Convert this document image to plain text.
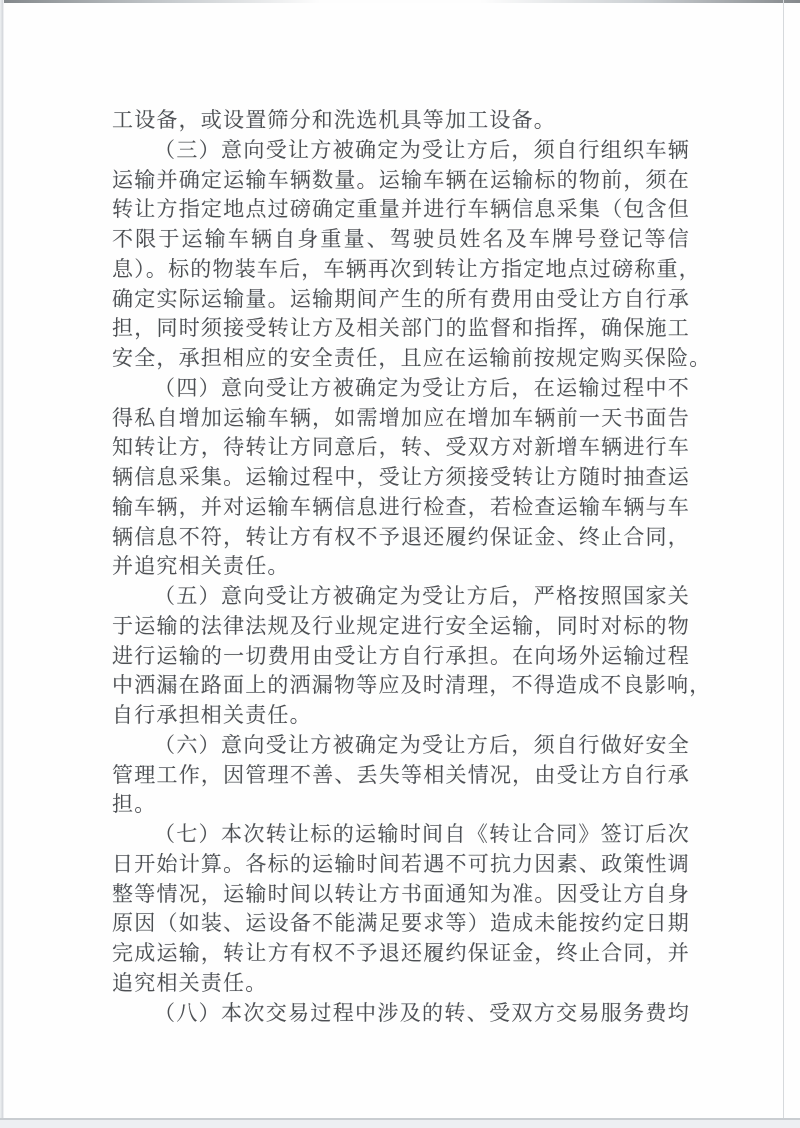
工设备，或设置筛分和洗选机具等加工设备。
（三）意向受让方被确定为受让方后，须自行组织车辆
运输并确定运输车辆数量。运输车辆在运输标的物前，须在
转让方指定地点过磅确定重量并进行车辆信息采集（包含但
不限于运输车辆自身重量、驾驶员姓名及车牌号登记等信
息）。标的物装车后，车辆再次到转让方指定地点过磅称重，
确定实际运输量。运输期间产生的所有费用由受让方自行承
担，同时须接受转让方及相关部门的监督和指挥，确保施工
安全，承担相应的安全责任，且应在运输前按规定购买保险。
（四）意向受让方被确定为受让方后，在运输过程中不
得私自增加运输车辆，如需增加应在增加车辆前一天书面告
知转让方，待转让方同意后，转、受双方对新增车辆进行车
辆信息采集。运输过程中，受让方须接受转让方随时抽查运
输车辆，并对运输车辆信息进行检查，若检查运输车辆与车
辆信息不符，转让方有权不予退还履约保证金、终止合同，
并追究相关责任。
（五）意向受让方被确定为受让方后，严格按照国家关
于运输的法律法规及行业规定进行安全运输，同时对标的物
进行运输的一切费用由受让方自行承担。在向场外运输过程
中洒漏在路面上的洒漏物等应及时清理，不得造成不良影响，
自行承担相关责任。
（六）意向受让方被确定为受让方后，须自行做好安全
管理工作，因管理不善、丢失等相关情况，由受让方自行承
担。
（七）本次转让标的运输时间自《转让合同》签订后次
日开始计算。各标的运输时间若遇不可抗力因素、政策性调
整等情况，运输时间以转让方书面通知为准。因受让方自身
原因（如装、运设备不能满足要求等）造成未能按约定日期
完成运输，转让方有权不予退还履约保证金，终止合同，并
追究相关责任。
（八）本次交易过程中涉及的转、受双方交易服务费均
